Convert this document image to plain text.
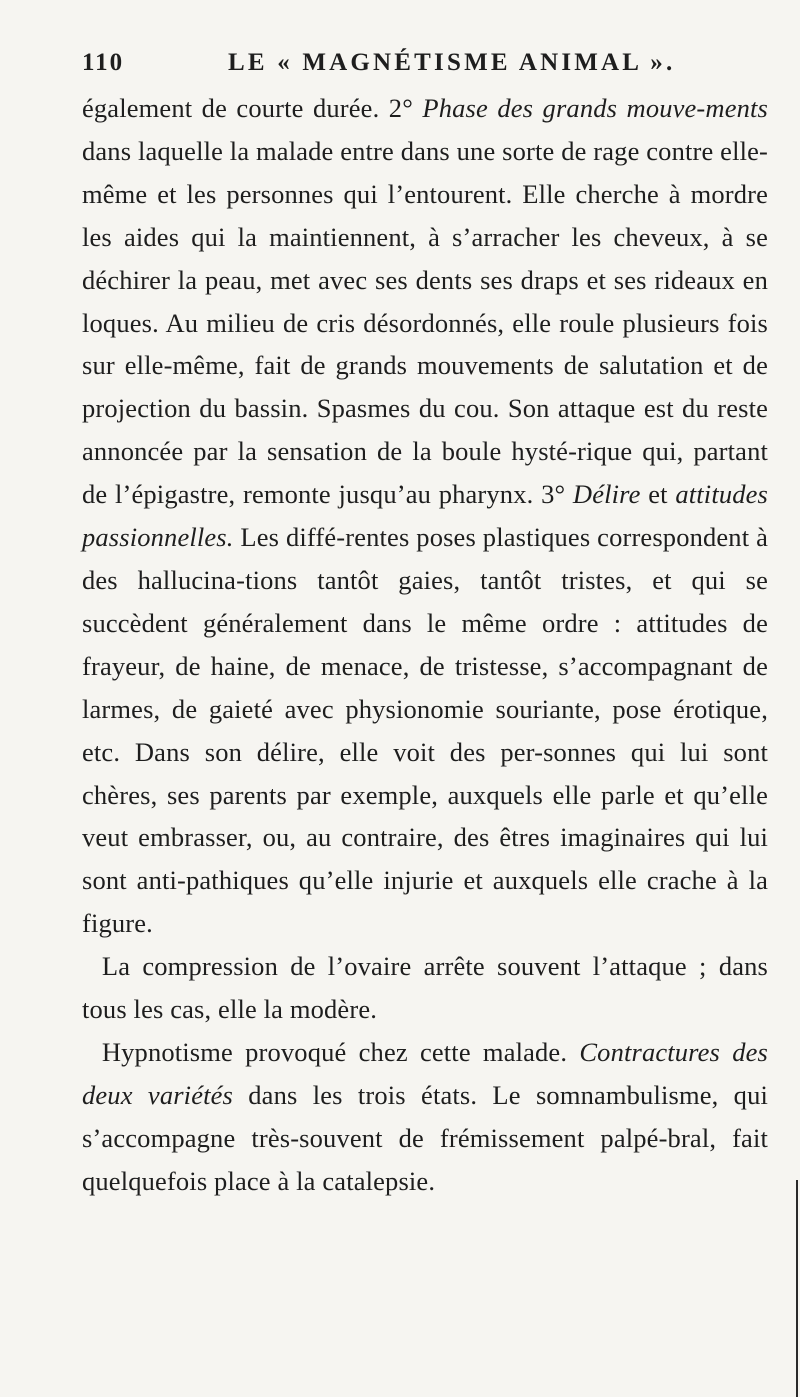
110	LE « MAGNÉTISME ANIMAL ».

également de courte durée. 2° Phase des grands mouve-ments dans laquelle la malade entre dans une sorte de rage contre elle-même et les personnes qui l’entourent. Elle cherche à mordre les aides qui la maintiennent, à s’arracher les cheveux, à se déchirer la peau, met avec ses dents ses draps et ses rideaux en loques. Au milieu de cris désordonnés, elle roule plusieurs fois sur elle-même, fait de grands mouvements de salutation et de projection du bassin. Spasmes du cou. Son attaque est du reste annoncée par la sensation de la boule hysté-rique qui, partant de l’épigastre, remonte jusqu’au pharynx. 3° Délire et attitudes passionnelles. Les diffé-rentes poses plastiques correspondent à des hallucina-tions tantôt gaies, tantôt tristes, et qui se succèdent généralement dans le même ordre : attitudes de frayeur, de haine, de menace, de tristesse, s’accompagnant de larmes, de gaieté avec physionomie souriante, pose érotique, etc. Dans son délire, elle voit des per-sonnes qui lui sont chères, ses parents par exemple, auxquels elle parle et qu’elle veut embrasser, ou, au contraire, des êtres imaginaires qui lui sont anti-pathiques qu’elle injurie et auxquels elle crache à la figure.

La compression de l’ovaire arrête souvent l’attaque ; dans tous les cas, elle la modère.

Hypnotisme provoqué chez cette malade. Contractures des deux variétés dans les trois états. Le somnambulisme, qui s’accompagne très-souvent de frémissement palpé-bral, fait quelquefois place à la catalepsie.
